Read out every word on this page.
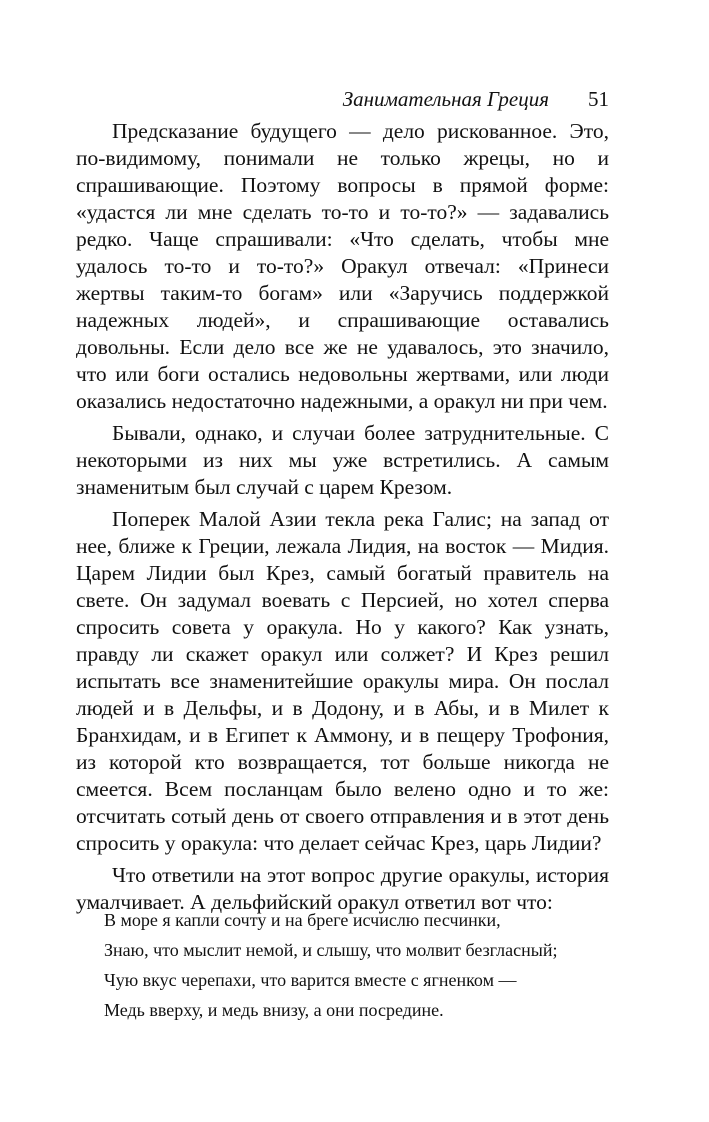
Занимательная Греция 51

Предсказание будущего — дело рискованное. Это, по-видимому, понимали не только жрецы, но и спрашивающие. Поэтому вопросы в прямой форме: «удастся ли мне сделать то-то и то-то?» — задавались редко. Чаще спрашивали: «Что сделать, чтобы мне удалось то-то и то-то?» Оракул отвечал: «Принеси жертвы таким-то богам» или «Заручись поддержкой надежных людей», и спрашивающие оставались довольны. Если дело все же не удавалось, это значило, что или боги остались недовольны жертвами, или люди оказались недостаточно надежными, а оракул ни при чем.

Бывали, однако, и случаи более затруднительные. С некоторыми из них мы уже встретились. А самым знаменитым был случай с царем Крезом.

Поперек Малой Азии текла река Галис; на запад от нее, ближе к Греции, лежала Лидия, на восток — Мидия. Царем Лидии был Крез, самый богатый правитель на свете. Он задумал воевать с Персией, но хотел сперва спросить совета у оракула. Но у какого? Как узнать, правду ли скажет оракул или солжет? И Крез решил испытать все знаменитейшие оракулы мира. Он послал людей и в Дельфы, и в Додону, и в Абы, и в Милет к Бранхидам, и в Египет к Аммону, и в пещеру Трофония, из которой кто возвращается, тот больше никогда не смеется. Всем посланцам было велено одно и то же: отсчитать сотый день от своего отправления и в этот день спросить у оракула: что делает сейчас Крез, царь Лидии?

Что ответили на этот вопрос другие оракулы, история умалчивает. А дельфийский оракул ответил вот что:

В море я капли сочту и на бреге исчислю песчинки,
Знаю, что мыслит немой, и слышу, что молвит безгласный;
Чую вкус черепахи, что варится вместе с ягненком —
Медь вверху, и медь внизу, а они посредине.
